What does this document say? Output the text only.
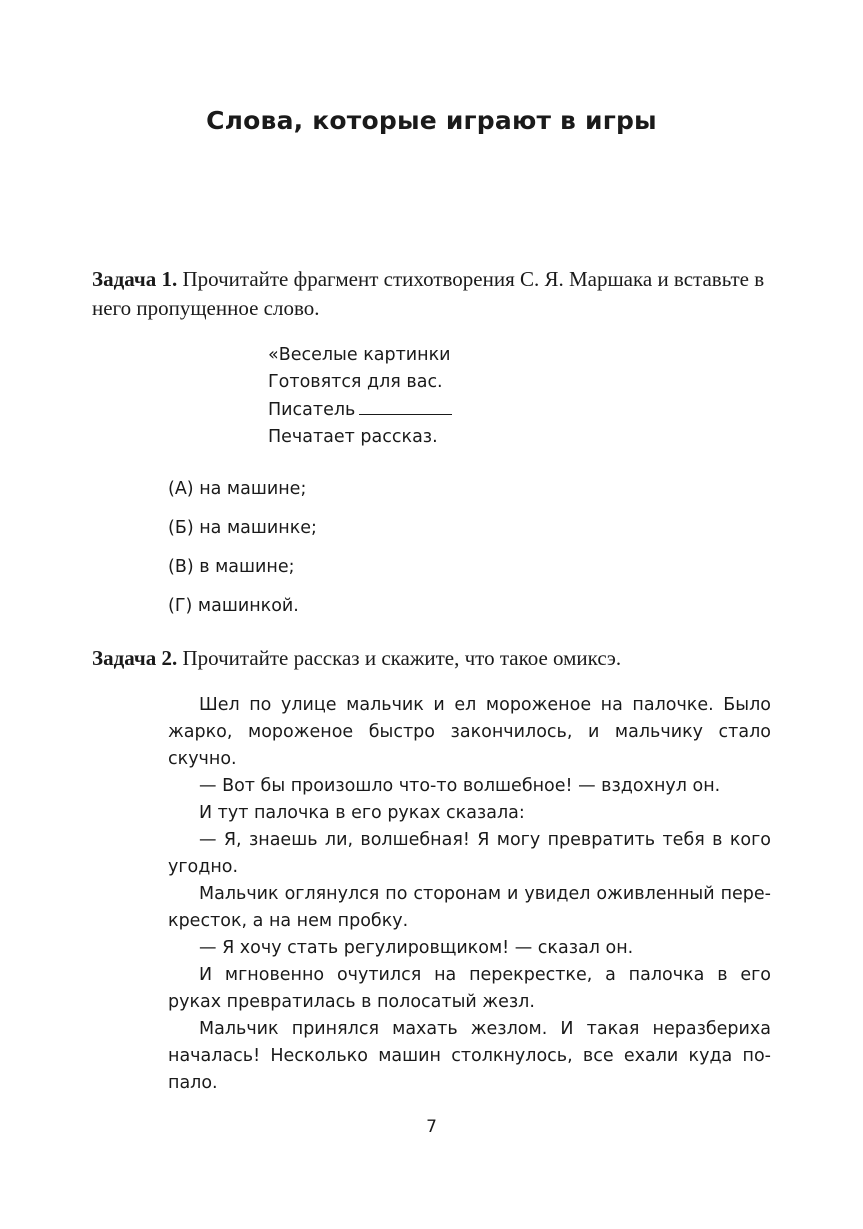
Слова, которые играют в игры

Задача 1. Прочитайте фрагмент стихотворения С. Я. Маршака и вставьте в него пропущенное слово.

«Веселые картинки
Готовятся для вас.
Писатель
Печатает рассказ.
(А) на машине;
(Б) на машинке;
(В) в машине;
(Г) машинкой.

Задача 2. Прочитайте рассказ и скажите, что такое омиксэ.

Шел по улице мальчик и ел мороженое на палочке. Было жарко, мороженое быстро закончилось, и мальчику стало скучно.

— Вот бы произошло что-то волшебное! — вздохнул он.

И тут палочка в его руках сказала:

— Я, знаешь ли, волшебная! Я могу превратить тебя в кого угодно.

Мальчик оглянулся по сторонам и увидел оживленный перекресток, а на нем пробку.

— Я хочу стать регулировщиком! — сказал он.

И мгновенно очутился на перекрестке, а палочка в его руках превратилась в полосатый жезл.

Мальчик принялся махать жезлом. И такая неразбериха началась! Несколько машин столкнулось, все ехали куда попало.

7
